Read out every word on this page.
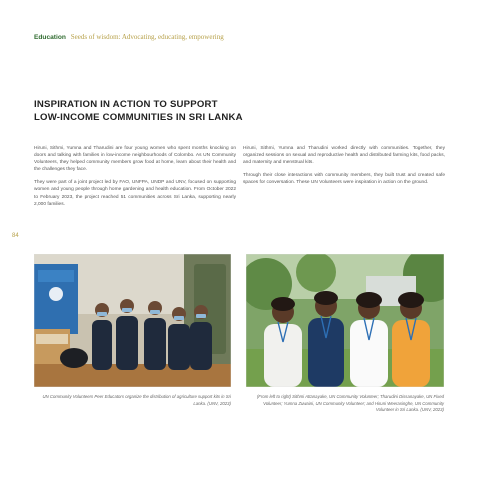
Education Seeds of wisdom: Advocating, educating, empowering
INSPIRATION IN ACTION TO SUPPORT
LOW-INCOME COMMUNITIES IN SRI LANKA

Hiruni, Sithmi, Yumna and Tharudini are four young women who spent months knocking on doors and talking with families in low-income neighbourhoods of Colombo. As UN Community Volunteers, they helped community members grow food at home, learn about their health and the challenges they face.

They were part of a joint project led by FAO, UNFPA, UNDP and UNV, focused on supporting women and young people through home gardening and health education. From October 2022 to February 2023, the project reached 51 communities across Sri Lanka, supporting nearly 2,000 families.

Hiruni, Sithmi, Yumna and Tharudini worked directly with communities. Together, they organized sessions on sexual and reproductive health and distributed farming kits, food packs, and maternity and menstrual kits.

Through their close interactions with community members, they built trust and created safe spaces for conversation. These UN Volunteers were inspiration in action on the ground.

84
UN Community Volunteers Peer Educators organize the distribution of agriculture support kits in Sri Lanka. (UNV, 2023)
(From left to right) Sithmi Attanayake, UN Community Volunteer; Tharudini Dissanayake, UN Fixed Volunteer; Yumna Zuwaini, UN Community Volunteer; and Hiruni Weerasinghe, UN Community Volunteer in Sri Lanka. (UNV, 2023)
